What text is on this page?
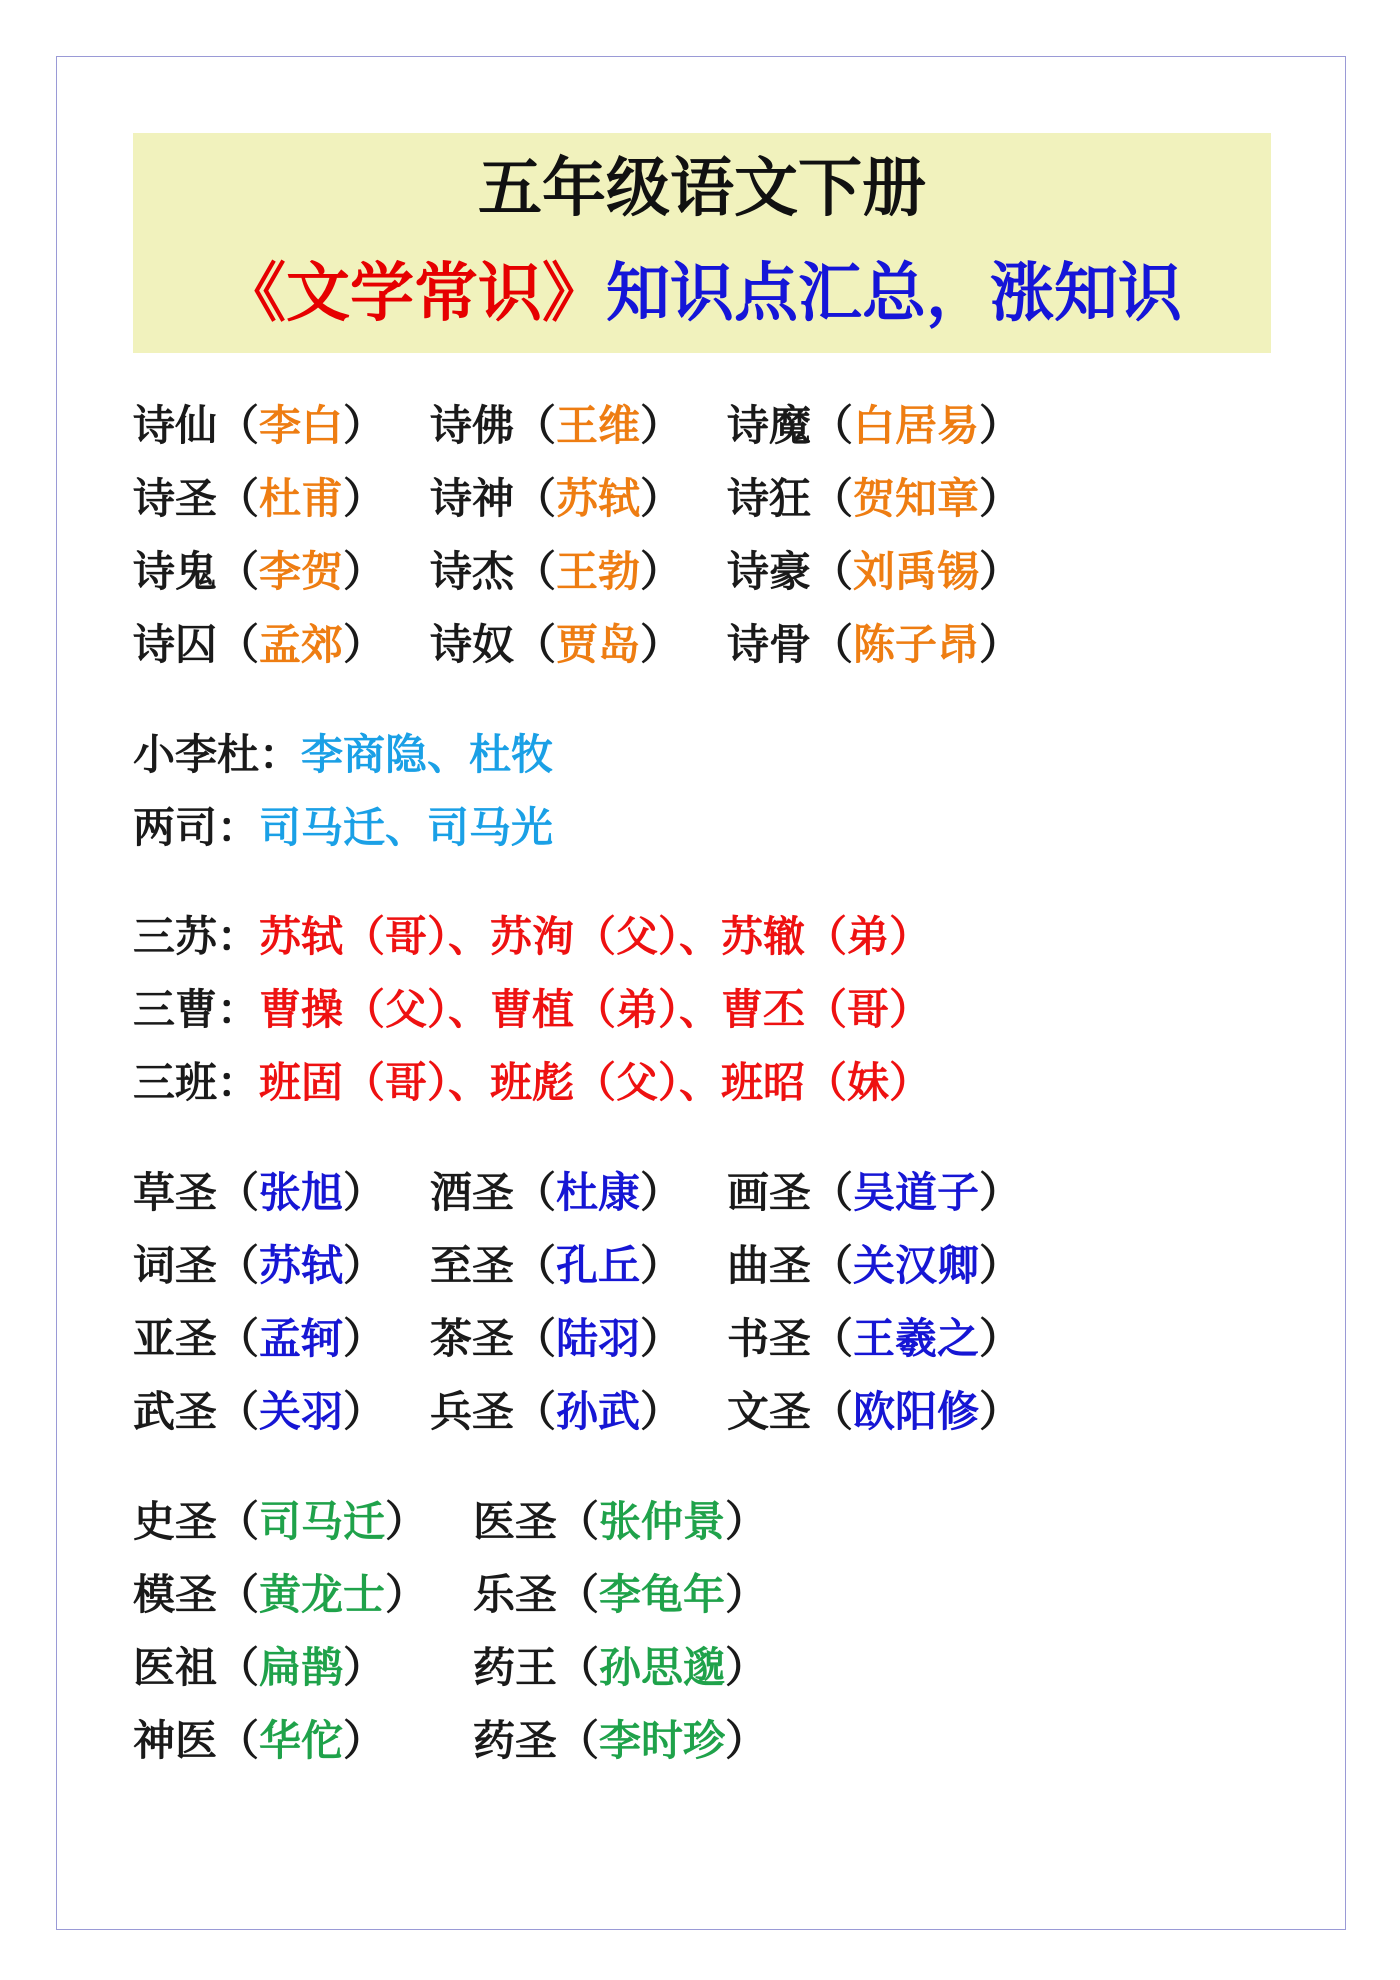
五年级语文下册
《文学常识》知识点汇总，涨知识
诗仙（李白） 诗佛（王维） 诗魔（白居易）
诗圣（杜甫） 诗神（苏轼） 诗狂（贺知章）
诗鬼（李贺） 诗杰（王勃） 诗豪（刘禹锡）
诗囚（孟郊） 诗奴（贾岛） 诗骨（陈子昂）
小李杜：李商隐、杜牧
两司：司马迁、司马光
三苏：苏轼（哥）、苏洵（父）、苏辙（弟）
三曹：曹操（父）、曹植（弟）、曹丕（哥）
三班：班固（哥）、班彪（父）、班昭（妹）
草圣（张旭） 酒圣（杜康） 画圣（吴道子）
词圣（苏轼） 至圣（孔丘） 曲圣（关汉卿）
亚圣（孟轲） 茶圣（陆羽） 书圣（王羲之）
武圣（关羽） 兵圣（孙武） 文圣（欧阳修）
史圣（司马迁） 医圣（张仲景）
模圣（黄龙士） 乐圣（李龟年）
医祖（扁鹊） 药王（孙思邈）
神医（华佗） 药圣（李时珍）
